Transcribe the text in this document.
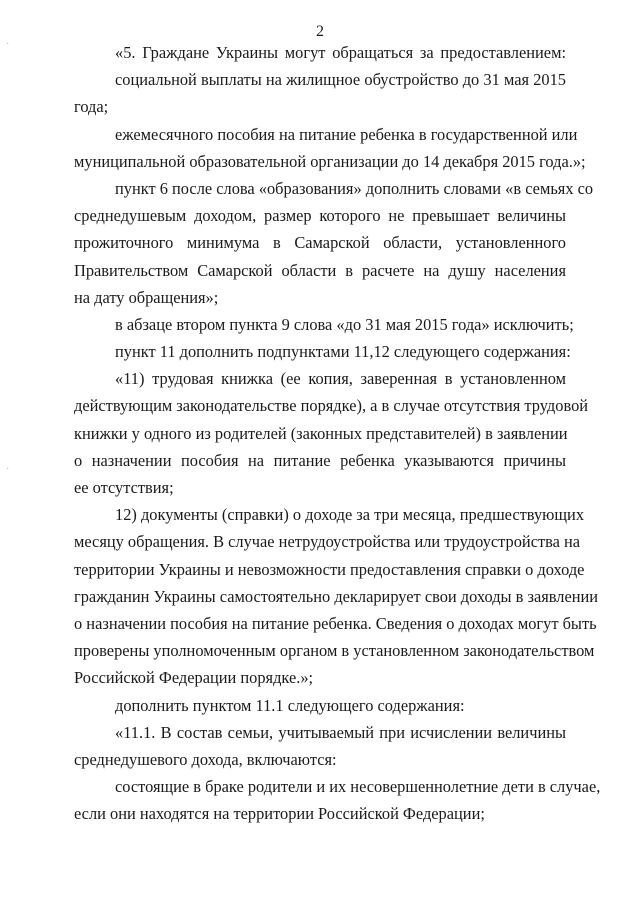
·
·
2
«5. Граждане Украины могут обращаться за предоставлением:
социальной выплаты на жилищное обустройство до 31 мая 2015
года;
ежемесячного пособия на питание ребенка в государственной или
муниципальной образовательной организации до 14 декабря 2015 года.»;
пункт 6 после слова «образования» дополнить словами «в семьях со
среднедушевым доходом, размер которого не превышает величины
прожиточного минимума в Самарской области, установленного
Правительством Самарской области в расчете на душу населения
на дату обращения»;
в абзаце втором пункта 9 слова «до 31 мая 2015 года» исключить;
пункт 11 дополнить подпунктами 11,12 следующего содержания:
«11) трудовая книжка (ее копия, заверенная в установленном
действующим законодательстве порядке), а в случае отсутствия трудовой
книжки у одного из родителей (законных представителей) в заявлении
о назначении пособия на питание ребенка указываются причины
ее отсутствия;
12) документы (справки) о доходе за три месяца, предшествующих
месяцу обращения. В случае нетрудоустройства или трудоустройства на
территории Украины и невозможности предоставления справки о доходе
гражданин Украины самостоятельно декларирует свои доходы в заявлении
о назначении пособия на питание ребенка. Сведения о доходах могут быть
проверены уполномоченным органом в установленном законодательством
Российской Федерации порядке.»;
дополнить пунктом 11.1 следующего содержания:
«11.1. В состав семьи, учитываемый при исчислении величины
среднедушевого дохода, включаются:
состоящие в браке родители и их несовершеннолетние дети в случае,
если они находятся на территории Российской Федерации;
